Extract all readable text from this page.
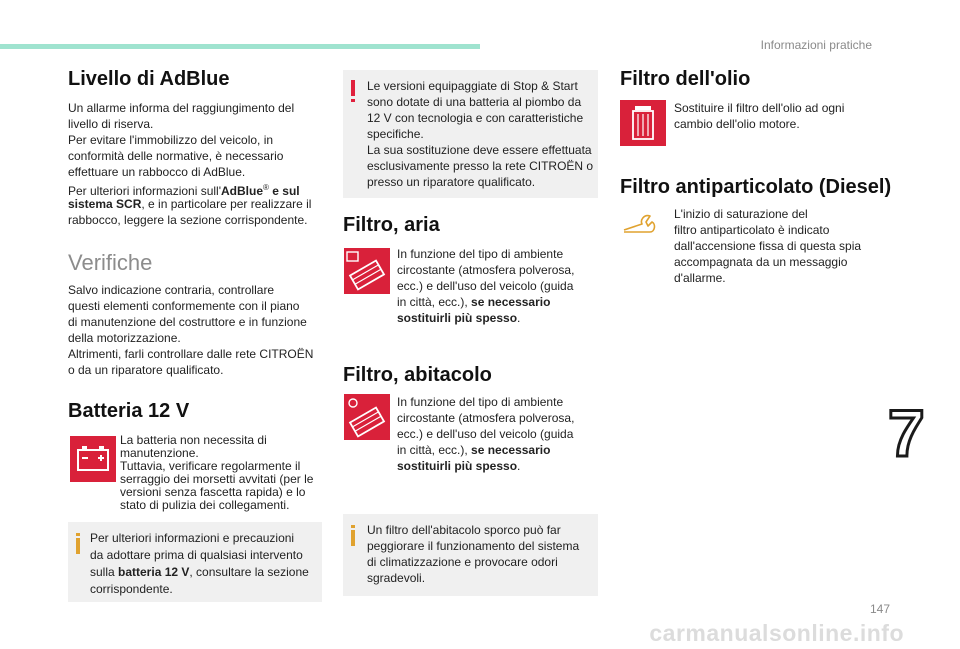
Informazioni pratiche
7
147
carmanualsonline.info
Livello di AdBlue

Un allarme informa del raggiungimento del

livello di riserva.

Per evitare l'immobilizzo del veicolo, in

conformità delle normative, è necessario

effettuare un rabbocco di AdBlue.

Per ulteriori informazioni sull'AdBlue® e sul

sistema SCR, e in particolare per realizzare il

rabbocco, leggere la sezione corrispondente.

Verifiche

Salvo indicazione contraria, controllare

questi elementi conformemente con il piano

di manutenzione del costruttore e in funzione

della motorizzazione.

Altrimenti, farli controllare dalle rete CITROËN

o da un riparatore qualificato.

Batteria 12 V

La batteria non necessita di

manutenzione.

Tuttavia, verificare regolarmente il

serraggio dei morsetti avvitati (per le

versioni senza fascetta rapida) e lo

stato di pulizia dei collegamenti.

Per ulteriori informazioni e precauzioni

da adottare prima di qualsiasi intervento

sulla batteria 12 V, consultare la sezione

corrispondente.

Le versioni equipaggiate di Stop & Start

sono dotate di una batteria al piombo da

12 V con tecnologia e con caratteristiche

specifiche.

La sua sostituzione deve essere effettuata

esclusivamente presso la rete CITROËN o

presso un riparatore qualificato.

Filtro, aria

In funzione del tipo di ambiente

circostante (atmosfera polverosa,

ecc.) e dell'uso del veicolo (guida

in città, ecc.), se necessario

sostituirli più spesso.

Filtro, abitacolo

In funzione del tipo di ambiente

circostante (atmosfera polverosa,

ecc.) e dell'uso del veicolo (guida

in città, ecc.), se necessario

sostituirli più spesso.

Un filtro dell'abitacolo sporco può far

peggiorare il funzionamento del sistema

di climatizzazione e provocare odori

sgradevoli.

Filtro dell'olio

Sostituire il filtro dell'olio ad ogni

cambio dell'olio motore.

Filtro antiparticolato (Diesel)

L'inizio di saturazione del

filtro antiparticolato è indicato

dall'accensione fissa di questa spia

accompagnata da un messaggio

d'allarme.
